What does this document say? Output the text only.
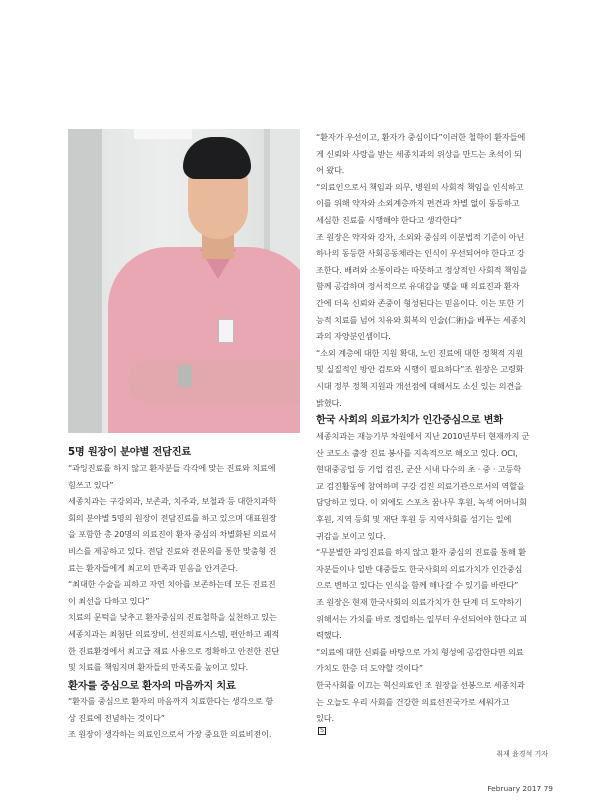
5명 원장이 분야별 전담진료
“과잉진료를 하지 않고 환자분들 각각에 맞는 진료와 치료에
힘쓰고 있다”
세종치과는 구강외과, 보존과, 치주과, 보철과 등 대한치과학
회의 분야별 5명의 원장이 전담진료를 하고 있으며 대표원장
을 포함한 총 20명의 의료진이 환자 중심의 차별화된 의료서
비스를 제공하고 있다. 전담 진료와 전문의를 통한 맞춤형 진
료는 환자들에게 최고의 만족과 믿음을 안겨준다.
“최대한 수술을 피하고 자연 치아를 보존하는데 모든 진료진
이 최선을 다하고 있다”
치료의 문턱을 낮추고 환자중심의 진료철학을 실천하고 있는
세종치과는 최첨단 의료장비, 선진의료시스템, 편안하고 쾌적
한 진료환경에서 최고급 재료 사용으로 정확하고 안전한 진단
및 치료를 책임지며 환자들의 만족도를 높이고 있다.
환자를 중심으로 환자의 마음까지 치료
“환자를 중심으로 환자의 마음까지 치료한다는 생각으로 항
상 진료에 전념하는 것이다”
조 원장이 생각하는 의료인으로서 가장 중요한 의료비전이.
“환자가 우선이고, 환자가 중심이다”이러한 철학이 환자들에
게 신뢰와 사랑을 받는 세종치과의 위상을 만드는 초석이 되
어 왔다.
“의료인으로서 책임과 의무, 병원의 사회적 책임을 인식하고
이를 위해 약자와 소외계층까지 편견과 차별 없이 동등하고
세심한 진료를 시행해야 한다고 생각한다”
조 원장은 약자와 강자, 소외와 중심의 이분법적 기준이 아닌
하나의 동등한 사회공동체라는 인식이 우선되어야 한다고 강
조한다. 배려와 소통이라는 따뜻하고 정상적인 사회적 책임을
함께 공감하며 정서적으로 유대감을 맺을 때 의료진과 환자
간에 더욱 신뢰와 존중이 형성된다는 믿음이다. 이는 또한 기
능적 치료를 넘어 치유와 회복의 인술(仁術)을 베푸는 세종치
과의 자양분인셈이다.
“소외 계층에 대한 지원 확대, 노인 진료에 대한 정책적 지원
및 실질적인 방안 검토와 시행이 필요하다”조 원장은 고령화
시대 정부 정책 지원과 개선점에 대해서도 소신 있는 의견을
밝혔다.
한국 사회의 의료가치가 인간중심으로 변화
세종치과는 재능기부 차원에서 지난 2010년부터 현재까지 군
산 코도소 출장 진료 봉사를 지속적으로 해오고 있다. OCI,
현대중공업 등 기업 검진, 군산 시내 다수의 초 · 중 · 고등학
교 검진활동에 참여하며 구강 검진 의료기관으로서의 역할을
담당하고 있다. 이 외에도 스포츠 꿈나무 후원, 녹색 어머니회
후원, 지역 등회 및 재단 후원 등 지역사회를 섬기는 일에
귀감을 보이고 있다.
“무분별한 과잉진료를 하지 않고 환자 중심의 진료를 통해 환
자분들이나 일반 대중들도 한국사회의 의료가치가 인간중심
으로 변하고 있다는 인식을 함께 해나갈 수 있기를 바란다”
조 원장은 현재 한국사회의 의료가치가 한 단계 더 도약하기
위해서는 가치를 바로 정립하는 일부터 우선되어야 한다고 피
력했다.
“의료에 대한 신뢰를 바탕으로 가치 형성에 공감한다면 의료
가치도 한층 더 도약할 것이다”
한국사회를 이끄는 혁신의료인 조 원장을 선봉으로 세종치과
는 오늘도 우리 사회를 건강한 의료선진국가로 세워가고
있다.
S
취재 윤경석 기자
February 2017 79
